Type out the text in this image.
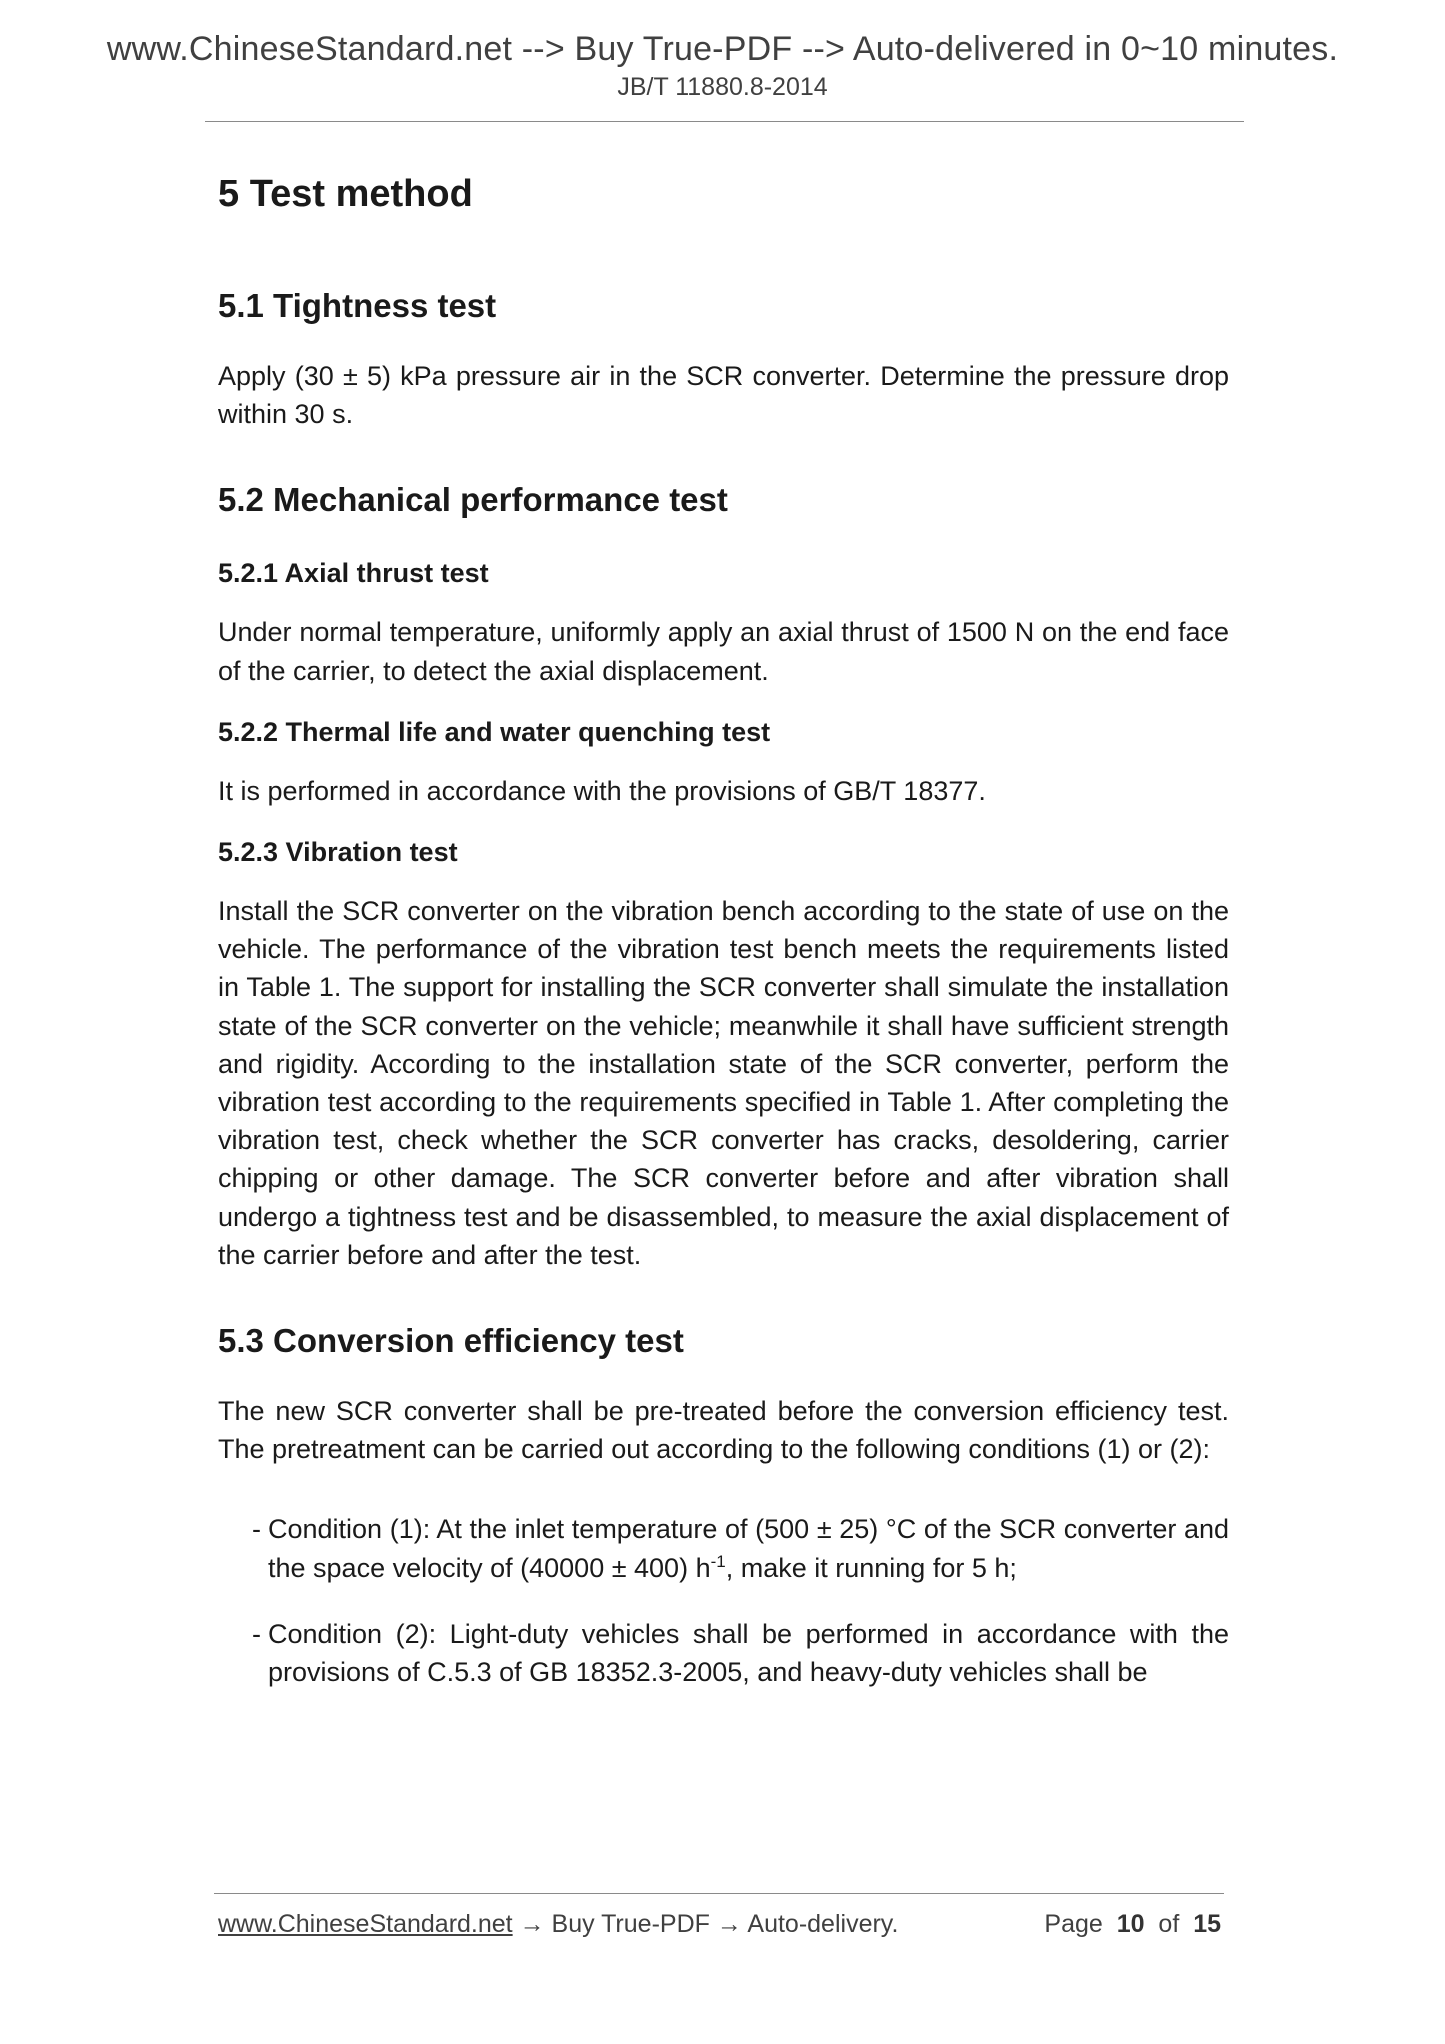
www.ChineseStandard.net --> Buy True-PDF --> Auto-delivered in 0~10 minutes.
JB/T 11880.8-2014
5 Test method
5.1 Tightness test

Apply (30 ± 5) kPa pressure air in the SCR converter. Determine the pressure drop within 30 s.

5.2 Mechanical performance test
5.2.1 Axial thrust test

Under normal temperature, uniformly apply an axial thrust of 1500 N on the end face of the carrier, to detect the axial displacement.

5.2.2 Thermal life and water quenching test

It is performed in accordance with the provisions of GB/T 18377.

5.2.3 Vibration test

Install the SCR converter on the vibration bench according to the state of use on the vehicle. The performance of the vibration test bench meets the requirements listed in Table 1. The support for installing the SCR converter shall simulate the installation state of the SCR converter on the vehicle; meanwhile it shall have sufficient strength and rigidity. According to the installation state of the SCR converter, perform the vibration test according to the requirements specified in Table 1. After completing the vibration test, check whether the SCR converter has cracks, desoldering, carrier chipping or other damage. The SCR converter before and after vibration shall undergo a tightness test and be disassembled, to measure the axial displacement of the carrier before and after the test.

5.3 Conversion efficiency test

The new SCR converter shall be pre-treated before the conversion efficiency test. The pretreatment can be carried out according to the following conditions (1) or (2):

- Condition (1): At the inlet temperature of (500 ± 25) °C of the SCR converter and the space velocity of (40000 ± 400) $h^{-1}$, make it running for 5 h;
- Condition (2): Light-duty vehicles shall be performed in accordance with the provisions of C.5.3 of GB 18352.3-2005, and heavy-duty vehicles shall be
www.ChineseStandard.net → Buy True-PDF → Auto-delivery.	Page 10 of 15
